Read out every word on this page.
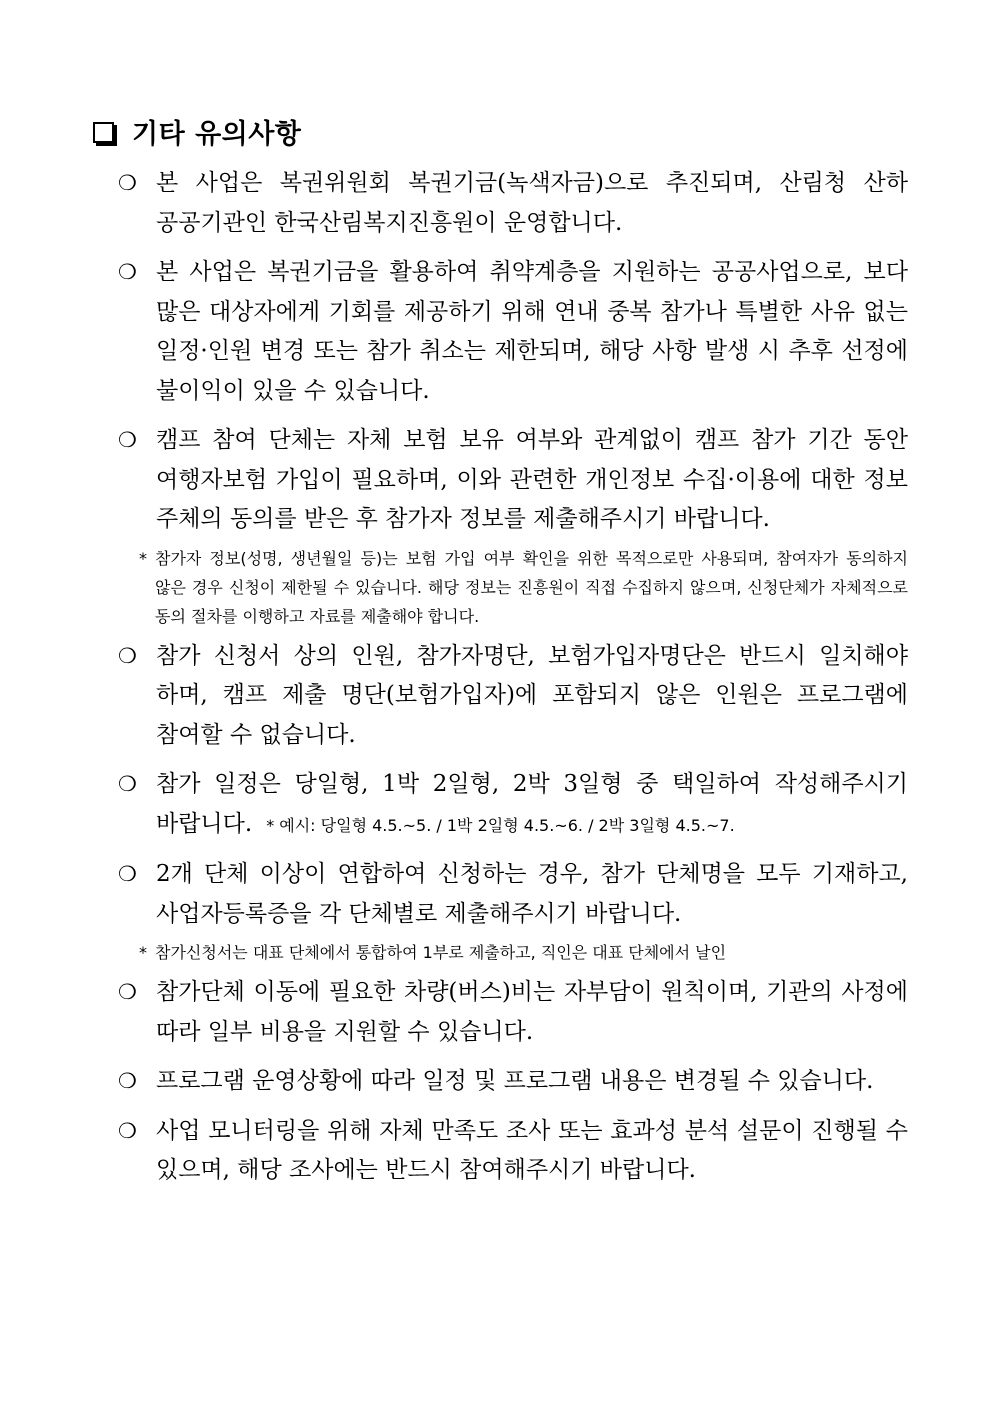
기타 유의사항
❍ 본 사업은 복권위원회 복권기금(녹색자금)으로 추진되며, 산림청 산하 공공기관인 한국산림복지진흥원이 운영합니다.
❍ 본 사업은 복권기금을 활용하여 취약계층을 지원하는 공공사업으로, 보다 많은 대상자에게 기회를 제공하기 위해 연내 중복 참가나 특별한 사유 없는 일정·인원 변경 또는 참가 취소는 제한되며, 해당 사항 발생 시 추후 선정에 불이익이 있을 수 있습니다.
❍ 캠프 참여 단체는 자체 보험 보유 여부와 관계없이 캠프 참가 기간 동안 여행자보험 가입이 필요하며, 이와 관련한 개인정보 수집·이용에 대한 정보 주체의 동의를 받은 후 참가자 정보를 제출해주시기 바랍니다.
* 참가자 정보(성명, 생년월일 등)는 보험 가입 여부 확인을 위한 목적으로만 사용되며, 참여자가 동의하지 않은 경우 신청이 제한될 수 있습니다. 해당 정보는 진흥원이 직접 수집하지 않으며, 신청단체가 자체적으로 동의 절차를 이행하고 자료를 제출해야 합니다.
❍ 참가 신청서 상의 인원, 참가자명단, 보험가입자명단은 반드시 일치해야 하며, 캠프 제출 명단(보험가입자)에 포함되지 않은 인원은 프로그램에 참여할 수 없습니다.
❍ 참가 일정은 당일형, 1박 2일형, 2박 3일형 중 택일하여 작성해주시기 바랍니다. * 예시: 당일형 4.5.~5. / 1박 2일형 4.5.~6. / 2박 3일형 4.5.~7.
❍ 2개 단체 이상이 연합하여 신청하는 경우, 참가 단체명을 모두 기재하고, 사업자등록증을 각 단체별로 제출해주시기 바랍니다.
* 참가신청서는 대표 단체에서 통합하여 1부로 제출하고, 직인은 대표 단체에서 날인
❍ 참가단체 이동에 필요한 차량(버스)비는 자부담이 원칙이며, 기관의 사정에 따라 일부 비용을 지원할 수 있습니다.
❍ 프로그램 운영상황에 따라 일정 및 프로그램 내용은 변경될 수 있습니다.
❍ 사업 모니터링을 위해 자체 만족도 조사 또는 효과성 분석 설문이 진행될 수 있으며, 해당 조사에는 반드시 참여해주시기 바랍니다.
